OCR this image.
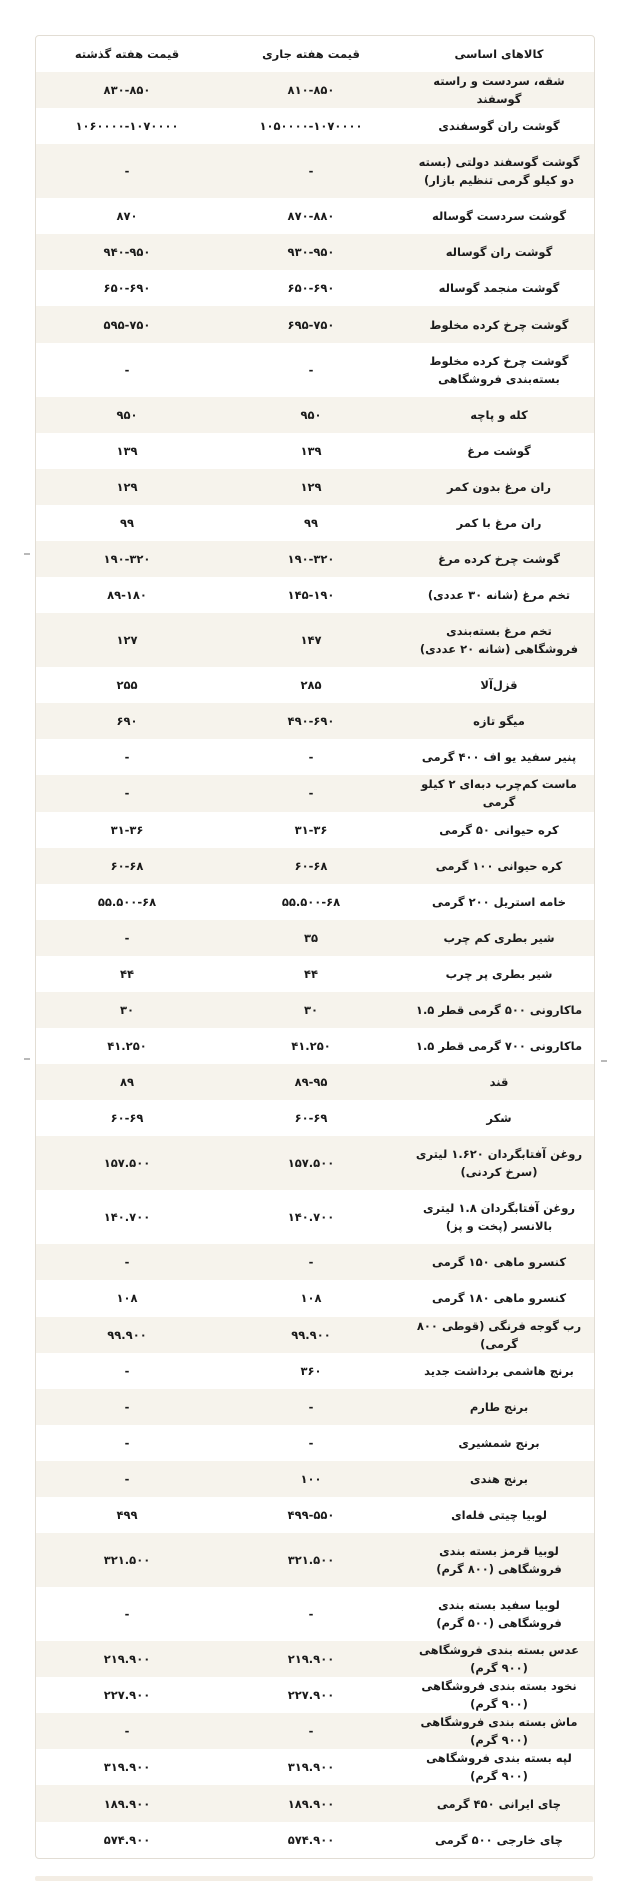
کالاهای اساسی	قیمت هفته جاری	قیمت هفته گذشته
شقه، سردست و راسته گوسفند	۸۱۰-۸۵۰	۸۳۰-۸۵۰
گوشت ران گوسفندی	۱۰۵۰۰۰۰-۱۰۷۰۰۰۰	۱۰۶۰۰۰۰-۱۰۷۰۰۰۰
گوشت گوسفند دولتی (بسته دو کیلو گرمی تنظیم بازار)	-	-
گوشت سردست گوساله	۸۷۰-۸۸۰	۸۷۰
گوشت ران گوساله	۹۳۰-۹۵۰	۹۴۰-۹۵۰
گوشت منجمد گوساله	۶۵۰-۶۹۰	۶۵۰-۶۹۰
گوشت چرخ کرده مخلوط	۶۹۵-۷۵۰	۵۹۵-۷۵۰
گوشت چرخ کرده مخلوط بسته‌بندی فروشگاهی	-	-
کله و پاچه	۹۵۰	۹۵۰
گوشت مرغ	۱۳۹	۱۳۹
ران مرغ بدون کمر	۱۲۹	۱۲۹
ران مرغ با کمر	۹۹	۹۹
گوشت چرخ کرده مرغ	۱۹۰-۳۲۰	۱۹۰-۳۲۰
تخم مرغ (شانه ۳۰ عددی)	۱۴۵-۱۹۰	۸۹-۱۸۰
تخم مرغ بسته‌بندی فروشگاهی (شانه ۲۰ عددی)	۱۴۷	۱۲۷
قزل‌آلا	۲۸۵	۲۵۵
میگو تازه	۴۹۰-۶۹۰	۶۹۰
پنیر سفید یو اف ۴۰۰ گرمی	-	-
ماست کم‌چرب دبه‌ای ۲ کیلو گرمی	-	-
کره حیوانی ۵۰ گرمی	۳۱-۳۶	۳۱-۳۶
کره حیوانی ۱۰۰ گرمی	۶۰-۶۸	۶۰-۶۸
خامه استریل ۲۰۰ گرمی	۵۵.۵۰۰-۶۸	۵۵.۵۰۰-۶۸
شیر بطری کم چرب	۳۵	-
شیر بطری پر چرب	۴۴	۴۴
ماکارونی ۵۰۰ گرمی قطر ۱.۵	۳۰	۳۰
ماکارونی ۷۰۰ گرمی قطر ۱.۵	۴۱.۲۵۰	۴۱.۲۵۰
قند	۸۹-۹۵	۸۹
شکر	۶۰-۶۹	۶۰-۶۹
روغن آفتابگردان ۱.۶۲۰ لیتری (سرخ کردنی)	۱۵۷.۵۰۰	۱۵۷.۵۰۰
روغن آفتابگردان ۱.۸ لیتری بالانسر (پخت و پز)	۱۴۰.۷۰۰	۱۴۰.۷۰۰
کنسرو ماهی ۱۵۰ گرمی	-	-
کنسرو ماهی ۱۸۰ گرمی	۱۰۸	۱۰۸
رب گوجه فرنگی (قوطی ۸۰۰ گرمی)	۹۹.۹۰۰	۹۹.۹۰۰
برنج هاشمی برداشت جدید	۳۶۰	-
برنج طارم	-	-
برنج شمشیری	-	-
برنج هندی	۱۰۰	-
لوبیا چیتی فله‌ای	۴۹۹-۵۵۰	۴۹۹
لوبیا قرمز بسته بندی فروشگاهی (۸۰۰ گرم)	۳۲۱.۵۰۰	۳۲۱.۵۰۰
لوبیا سفید بسته بندی فروشگاهی (۵۰۰ گرم)	-	-
عدس بسته بندی فروشگاهی (۹۰۰ گرم)	۲۱۹.۹۰۰	۲۱۹.۹۰۰
نخود بسته بندی فروشگاهی (۹۰۰ گرم)	۲۲۷.۹۰۰	۲۲۷.۹۰۰
ماش بسته بندی فروشگاهی (۹۰۰ گرم)	-	-
لپه بسته بندی فروشگاهی (۹۰۰ گرم)	۳۱۹.۹۰۰	۳۱۹.۹۰۰
چای ایرانی ۴۵۰ گرمی	۱۸۹.۹۰۰	۱۸۹.۹۰۰
چای خارجی ۵۰۰ گرمی	۵۷۴.۹۰۰	۵۷۴.۹۰۰
